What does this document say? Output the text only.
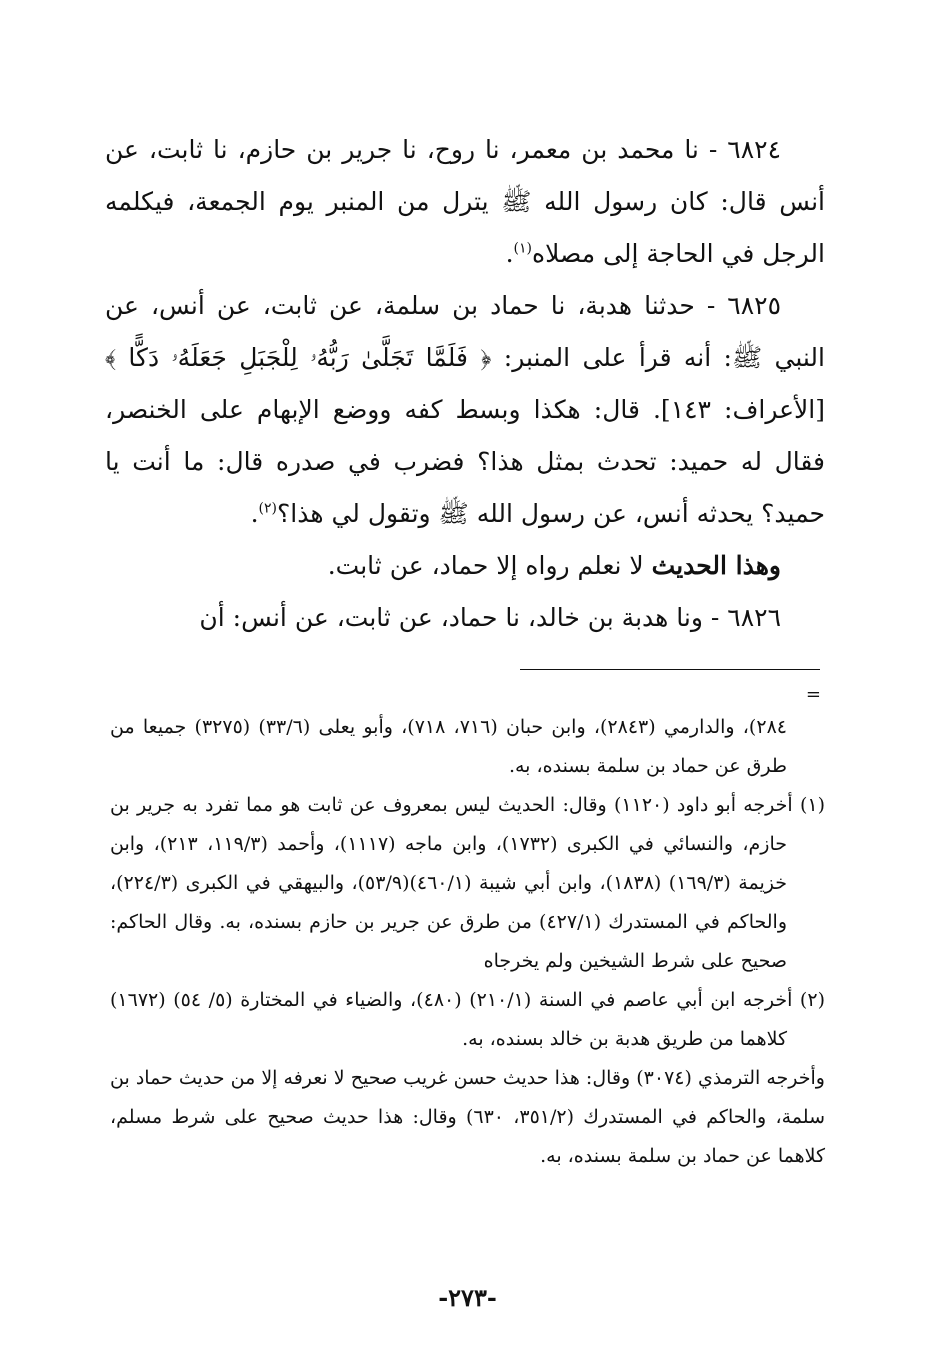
٦٨٢٤ - نا محمد بن معمر، نا روح، نا جرير بن حازم، نا ثابت، عن أنس قال: كان رسول الله ﷺ يترل من المنبر يوم الجمعة، فيكلمه الرجل في الحاجة إلى مصلاه$^{(١)}$.

٦٨٢٥ - حدثنا هدبة، نا حماد بن سلمة، عن ثابت، عن أنس، عن النبي ﷺ: أنه قرأ على المنبر: ﴿ فَلَمَّا تَجَلَّىٰ رَبُّهُۥ لِلْجَبَلِ جَعَلَهُۥ دَكًّا ﴾ [الأعراف: ١٤٣]. قال: هكذا وبسط كفه ووضع الإبهام على الخنصر، فقال له حميد: تحدث بمثل هذا؟ فضرب في صدره قال: ما أنت يا حميد؟ يحدثه أنس، عن رسول الله ﷺ وتقول لي هذا؟$^{(٢)}$.

وهذا الحديث لا نعلم رواه إلا حماد، عن ثابت.

٦٨٢٦ - ونا هدبة بن خالد، نا حماد، عن ثابت، عن أنس: أن

=

٢٨٤)، والدارمي (٢٨٤٣)، وابن حبان (٧١٦، ٧١٨)، وأبو يعلى (٣٣/٦) (٣٢٧٥) جميعا من طرق عن حماد بن سلمة بسنده، به.

(١) أخرجه أبو داود (١١٢٠) وقال: الحديث ليس بمعروف عن ثابت هو مما تفرد به جرير بن حازم، والنسائي في الكبرى (١٧٣٢)، وابن ماجه (١١١٧)، وأحمد (١١٩/٣، ٢١٣)، وابن خزيمة (١٦٩/٣) (١٨٣٨)، وابن أبي شيبة (٤٦٠/١)(٥٣/٩)، والبيهقي في الكبرى (٢٢٤/٣)، والحاكم في المستدرك (٤٢٧/١) من طرق عن جرير بن حازم بسنده، به. وقال الحاكم: صحيح على شرط الشيخين ولم يخرجاه

(٢) أخرجه ابن أبي عاصم في السنة (٢١٠/١) (٤٨٠)، والضياء في المختارة (٥/ ٥٤) (١٦٧٢) كلاهما من طريق هدبة بن خالد بسنده، به.

وأخرجه الترمذي (٣٠٧٤) وقال: هذا حديث حسن غريب صحيح لا نعرفه إلا من حديث حماد بن سلمة، والحاكم في المستدرك (٣٥١/٢، ٦٣٠) وقال: هذا حديث صحيح على شرط مسلم، كلاهما عن حماد بن سلمة بسنده، به.

-٢٧٣-
